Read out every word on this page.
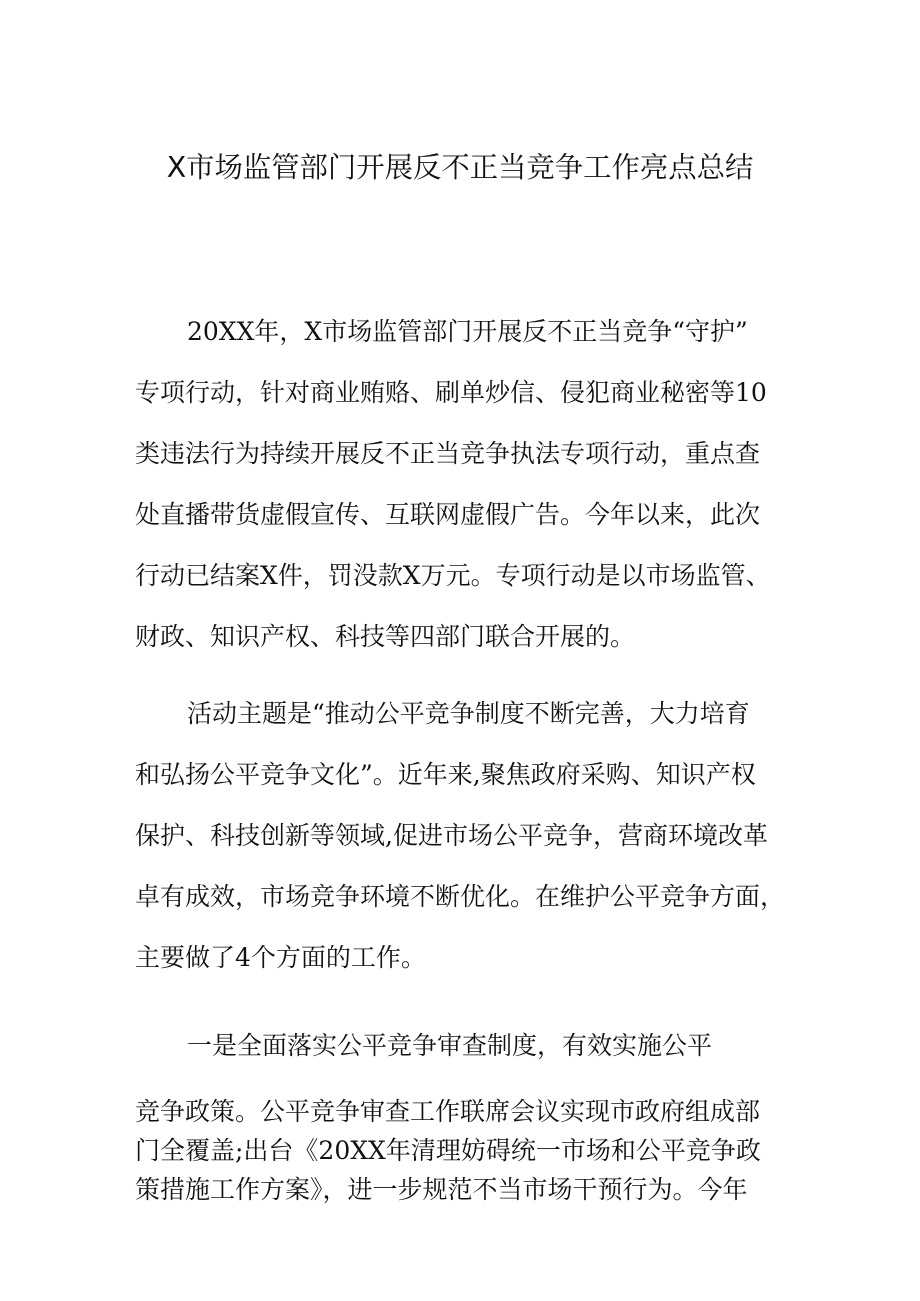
X市场监管部门开展反不正当竞争工作亮点总结
20XX年，X市场监管部门开展反不正当竞争“守护”
专项行动，针对商业贿赂、刷单炒信、侵犯商业秘密等10
类违法行为持续开展反不正当竞争执法专项行动，重点查
处直播带货虚假宣传、互联网虚假广告。今年以来，此次
行动已结案X件，罚没款X万元。专项行动是以市场监管、
财政、知识产权、科技等四部门联合开展的。
活动主题是“推动公平竞争制度不断完善，大力培育
和弘扬公平竞争文化”。近年来,聚焦政府采购、知识产权
保护、科技创新等领域,促进市场公平竞争，营商环境改革
卓有成效，市场竞争环境不断优化。在维护公平竞争方面，
主要做了4个方面的工作。
一是全面落实公平竞争审查制度，有效实施公平
竞争政策。公平竞争审查工作联席会议实现市政府组成部
门全覆盖;出台《20XX年清理妨碍统一市场和公平竞争政
策措施工作方案》，进一步规范不当市场干预行为。今年
